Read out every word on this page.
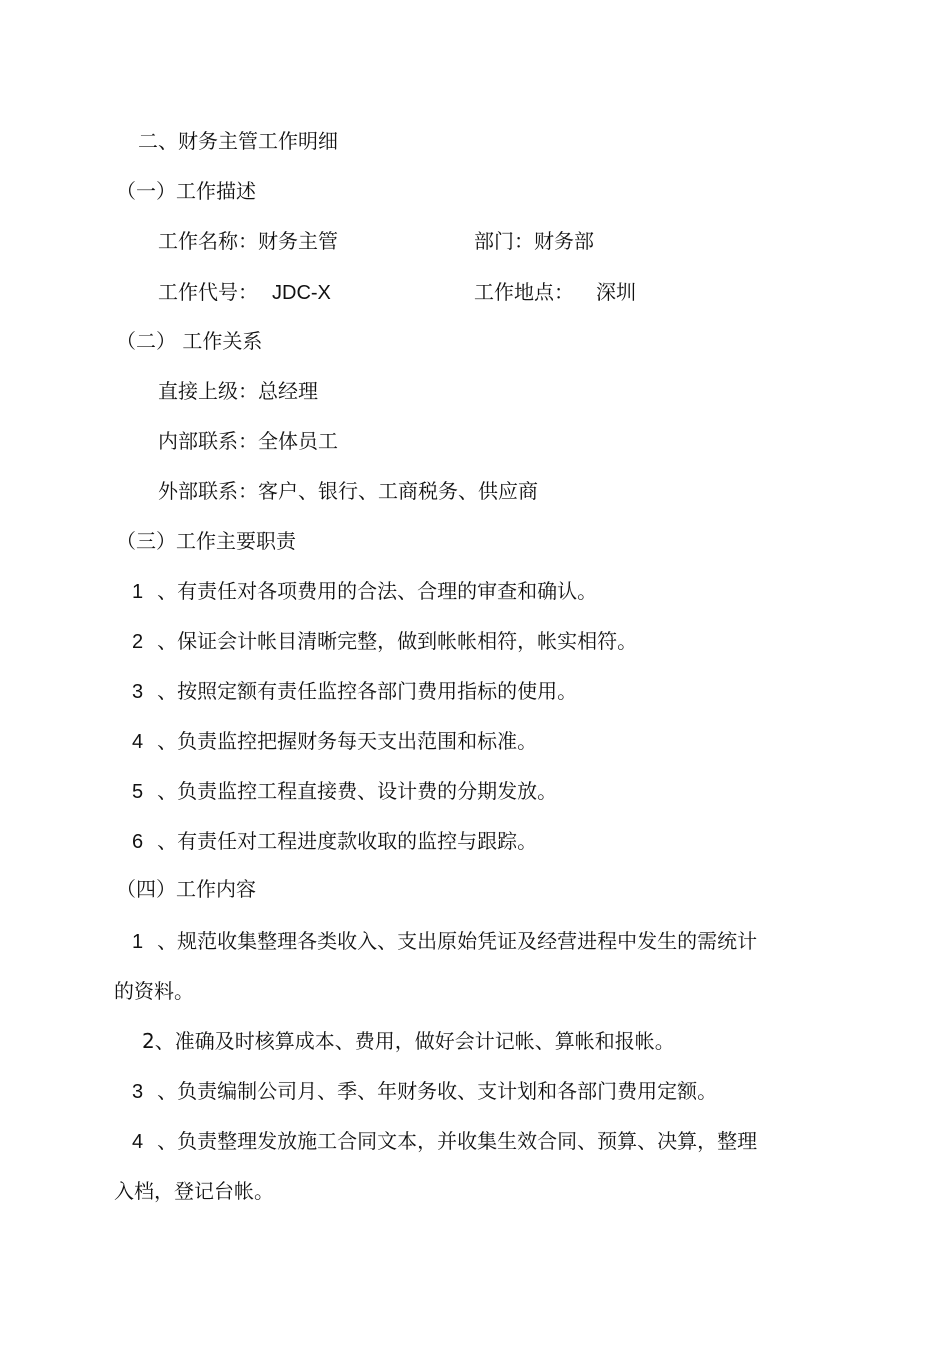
二、财务主管工作明细
（一）工作描述
工作名称：财务主管	部门：财务部
工作代号： JDC-X	工作地点： 深圳
（二） 工作关系
直接上级：总经理
内部联系：全体员工
外部联系：客户、银行、工商税务、供应商
（三）工作主要职责
1 、有责任对各项费用的合法、合理的审查和确认。
2 、保证会计帐目清晰完整，做到帐帐相符，帐实相符。
3 、按照定额有责任监控各部门费用指标的使用。
4 、负责监控把握财务每天支出范围和标准。
5 、负责监控工程直接费、设计费的分期发放。
6 、有责任对工程进度款收取的监控与跟踪。
（四）工作内容
1 、规范收集整理各类收入、支出原始凭证及经营进程中发生的需统计
的资料。
2、准确及时核算成本、费用，做好会计记帐、算帐和报帐。
3 、负责编制公司月、季、年财务收、支计划和各部门费用定额。
4 、负责整理发放施工合同文本，并收集生效合同、预算、决算，整理
入档，登记台帐。
